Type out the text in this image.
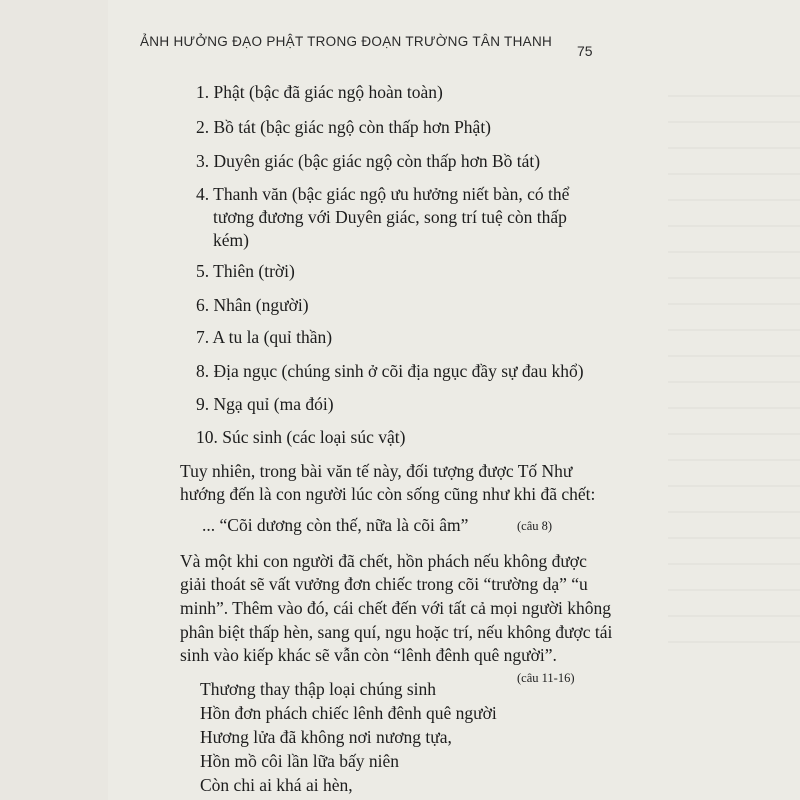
ẢNH HƯỞNG ĐẠO PHẬT TRONG ĐOẠN TRƯỜNG TÂN THANH
75
1. Phật (bậc đã giác ngộ hoàn toàn)
2. Bồ tát (bậc giác ngộ còn thấp hơn Phật)
3. Duyên giác (bậc giác ngộ còn thấp hơn Bồ tát)
4. Thanh văn (bậc giác ngộ ưu hưởng niết bàn, có thể
tương đương với Duyên giác, song trí tuệ còn thấp
kém)
5. Thiên (trời)
6. Nhân (người)
7. A tu la (quỉ thần)
8. Địa ngục (chúng sinh ở cõi địa ngục đầy sự đau khổ)
9. Ngạ quỉ (ma đói)
10. Súc sinh (các loại súc vật)
Tuy nhiên, trong bài văn tế này, đối tượng được Tố Như
hướng đến là con người lúc còn sống cũng như khi đã chết:
... “Cõi dương còn thế, nữa là cõi âm”	(câu 8)
Và một khi con người đã chết, hồn phách nếu không được
giải thoát sẽ vất vưởng đơn chiếc trong cõi “trường dạ” “u
minh”. Thêm vào đó, cái chết đến với tất cả mọi người không
phân biệt thấp hèn, sang quí, ngu hoặc trí, nếu không được tái
sinh vào kiếp khác sẽ vẫn còn “lênh đênh quê người”.
(câu 11-16)
Thương thay thập loại chúng sinh
Hồn đơn phách chiếc lênh đênh quê người
Hương lửa đã không nơi nương tựa,
Hồn mồ côi lần lữa bấy niên
Còn chi ai khá ai hèn,
